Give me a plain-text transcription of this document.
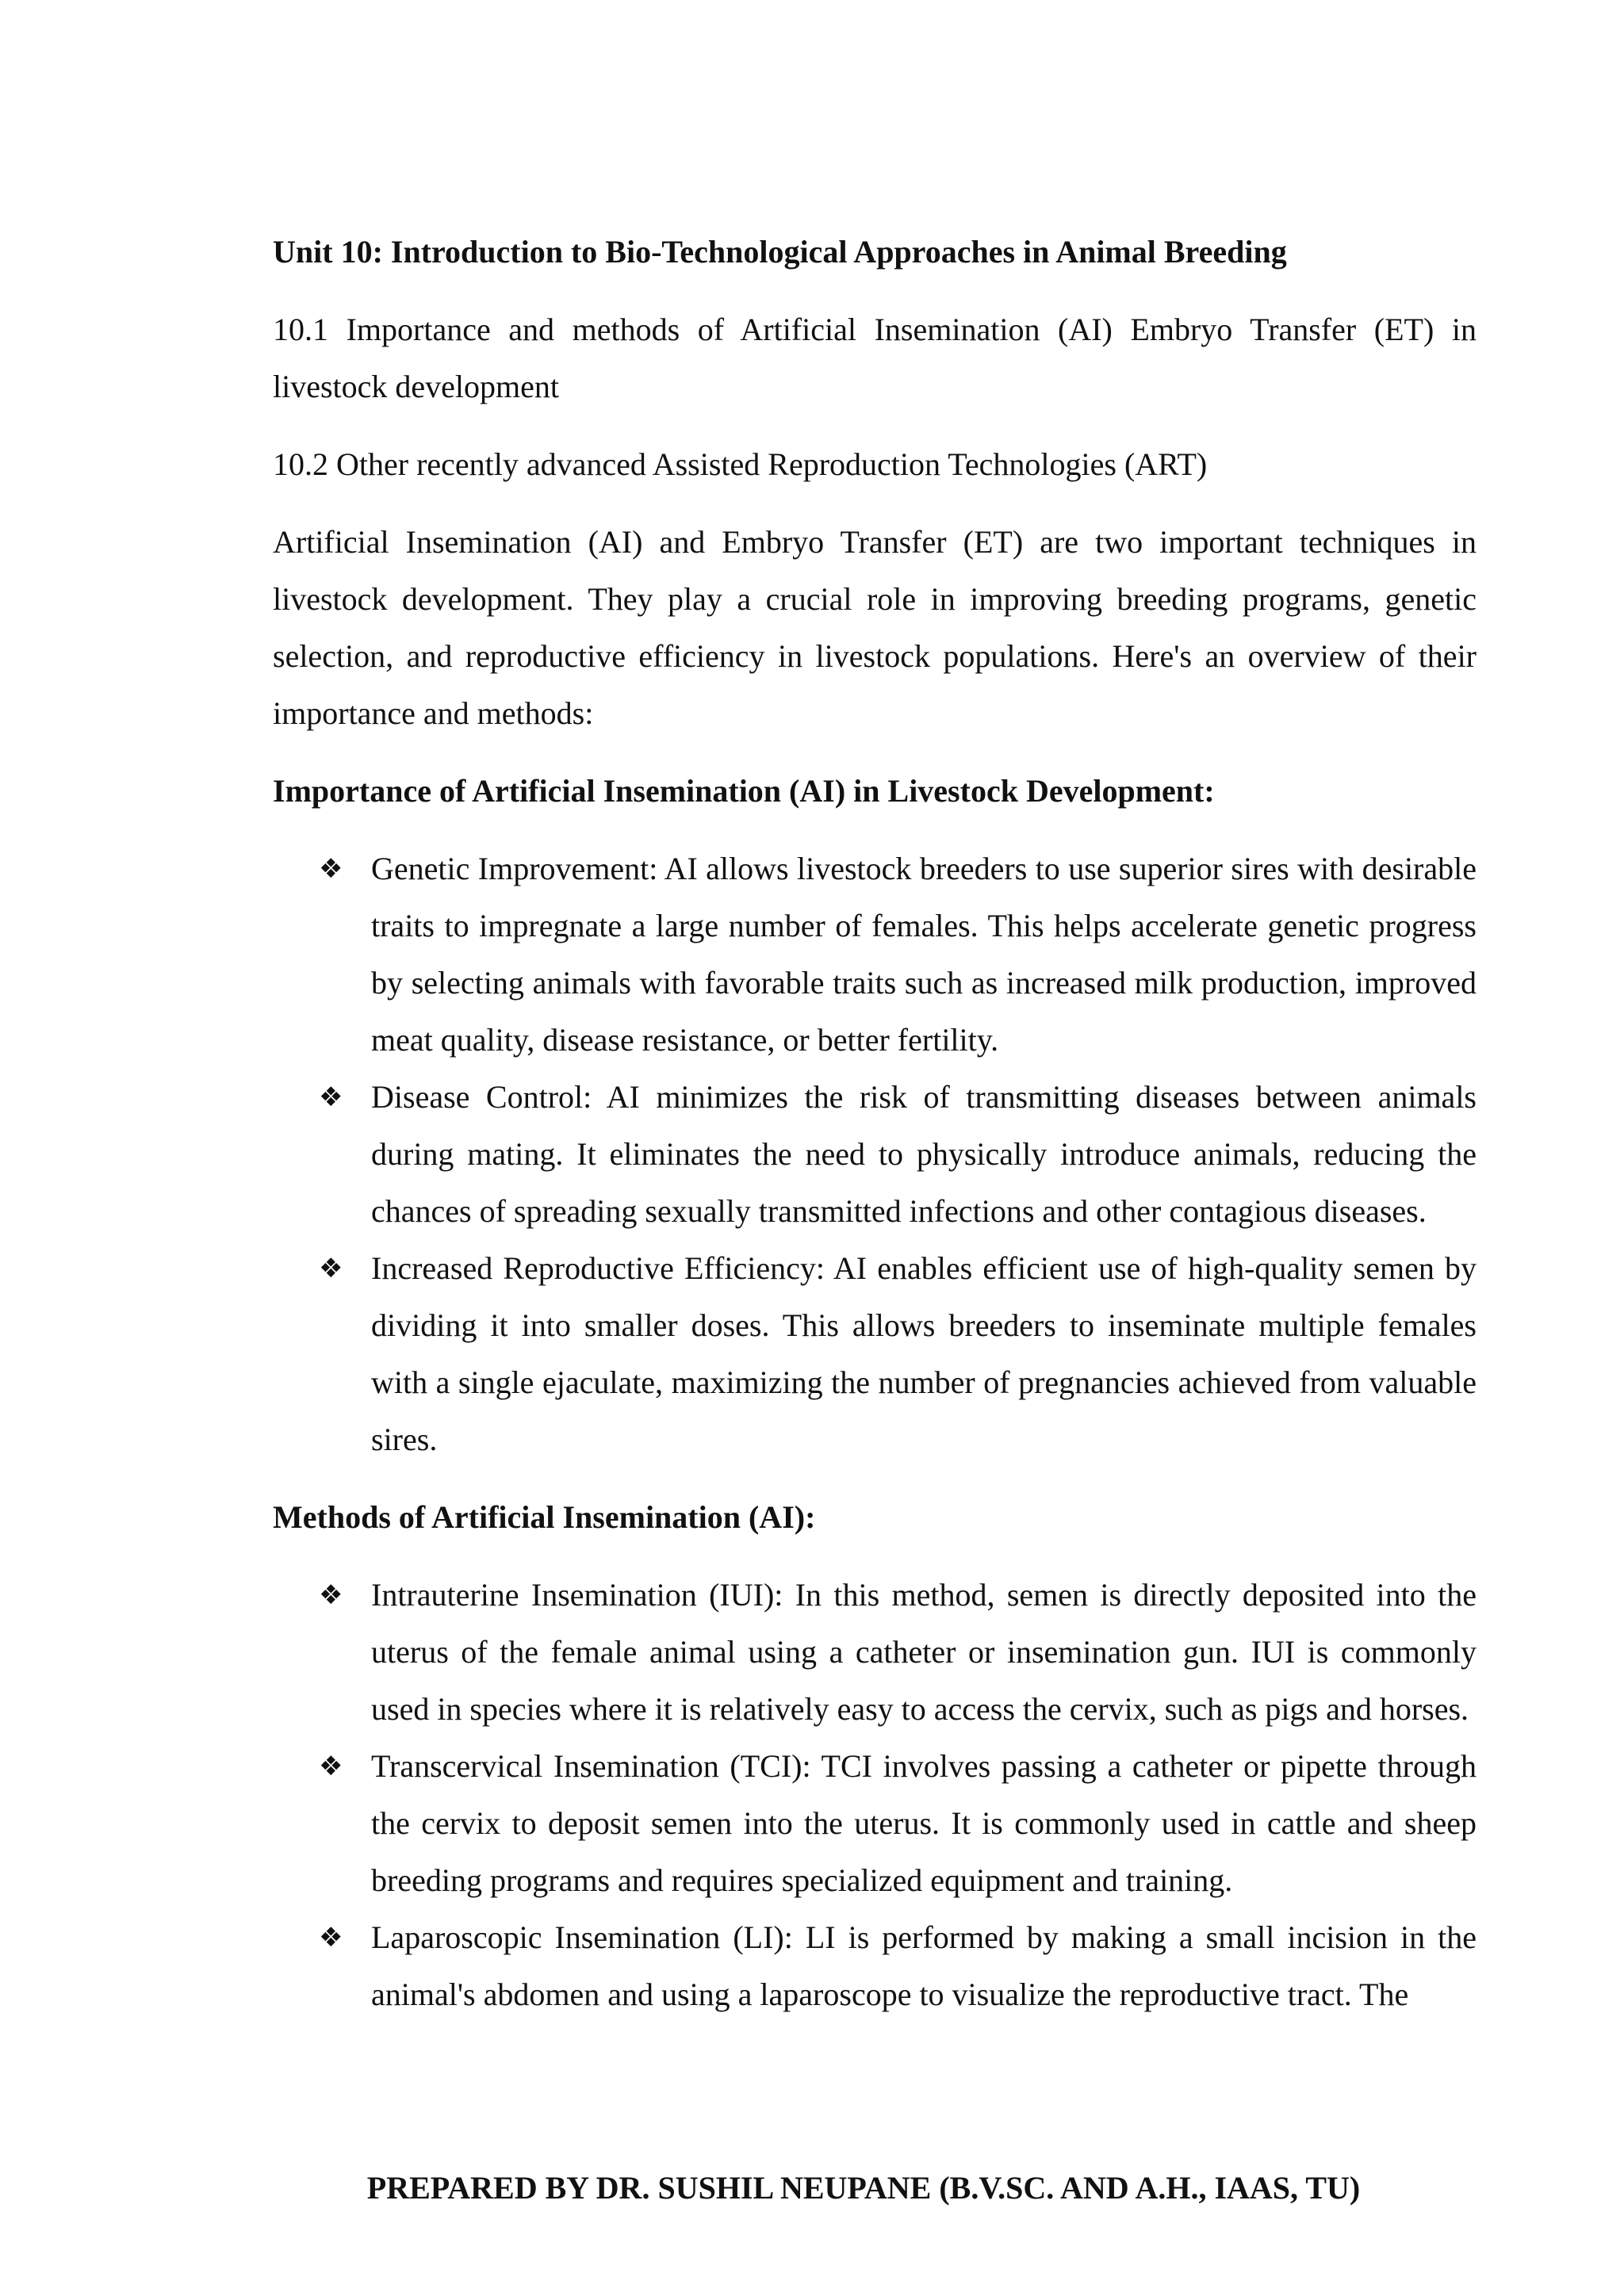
Unit 10: Introduction to Bio-Technological Approaches in Animal Breeding
10.1 Importance and methods of Artificial Insemination (AI) Embryo Transfer (ET) in livestock development
10.2 Other recently advanced Assisted Reproduction Technologies (ART)
Artificial Insemination (AI) and Embryo Transfer (ET) are two important techniques in livestock development. They play a crucial role in improving breeding programs, genetic selection, and reproductive efficiency in livestock populations. Here's an overview of their importance and methods:
Importance of Artificial Insemination (AI) in Livestock Development:
❖ Genetic Improvement: AI allows livestock breeders to use superior sires with desirable traits to impregnate a large number of females. This helps accelerate genetic progress by selecting animals with favorable traits such as increased milk production, improved meat quality, disease resistance, or better fertility.
❖ Disease Control: AI minimizes the risk of transmitting diseases between animals during mating. It eliminates the need to physically introduce animals, reducing the chances of spreading sexually transmitted infections and other contagious diseases.
❖ Increased Reproductive Efficiency: AI enables efficient use of high-quality semen by dividing it into smaller doses. This allows breeders to inseminate multiple females with a single ejaculate, maximizing the number of pregnancies achieved from valuable sires.
Methods of Artificial Insemination (AI):
❖ Intrauterine Insemination (IUI): In this method, semen is directly deposited into the uterus of the female animal using a catheter or insemination gun. IUI is commonly used in species where it is relatively easy to access the cervix, such as pigs and horses.
❖ Transcervical Insemination (TCI): TCI involves passing a catheter or pipette through the cervix to deposit semen into the uterus. It is commonly used in cattle and sheep breeding programs and requires specialized equipment and training.
❖ Laparoscopic Insemination (LI): LI is performed by making a small incision in the animal's abdomen and using a laparoscope to visualize the reproductive tract. The
PREPARED BY DR. SUSHIL NEUPANE (B.V.SC. AND A.H., IAAS, TU)
